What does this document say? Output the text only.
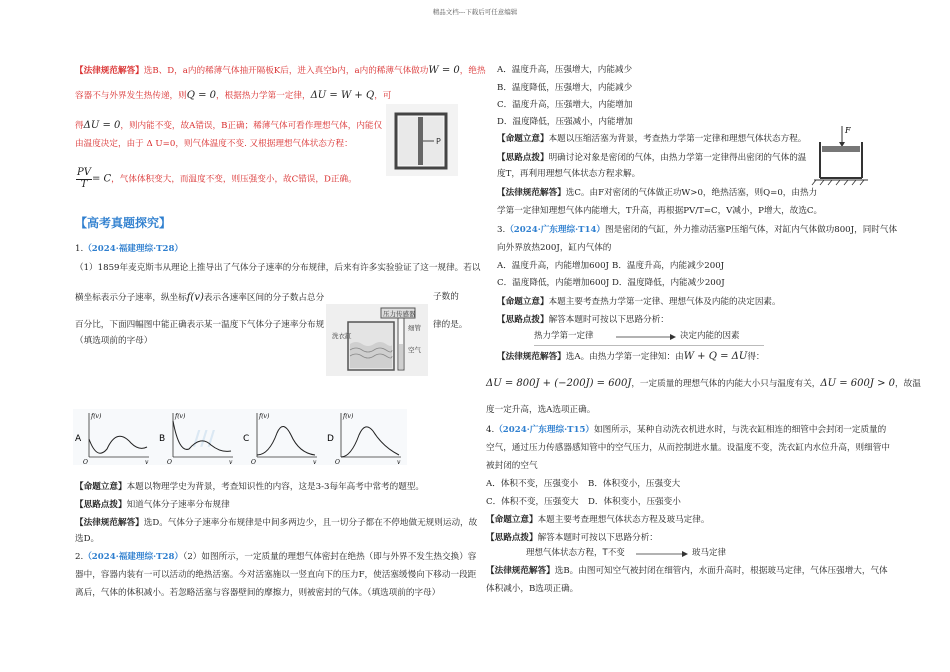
精品文档---下载后可任意编辑
【法律规范解答】选B、D，a内的稀薄气体抽开隔板K后，进入真空b内，a内的稀薄气体做功W = 0，绝热
容器不与外界发生热传递，则Q = 0，根据热力学第一定律，ΔU = W + Q，可
得ΔU = 0，则内能不变，故A错误，B正确；稀薄气体可看作理想气体，内能仅
由温度决定，由于 Δ U=0，则气体温度不变. 又根据理想气体状态方程：	P
$\frac{PV}{T} = C$，气体体积变大，而温度不变，则压强变小，故C错误，D正确。
【高考真题探究】
1.（2024·福建理综·T28）
（1）1859年麦克斯韦从理论上推导出了气体分子速率的分布规律，后来有许多实验验证了这一规律。若以
横坐标表示分子速率，纵坐标f(v)表示各速率区间的分子数占总分	子数的
百分比，下面四幅图中能正确表示某一温度下气体分子速率分布规	律的是。
（填选项前的字母）
压力传感器
洗衣缸
细管
空气
///
A
f(v)
v
O
B
f(v)
v
O
C
f(v)
v
O
D
f(v)
v
O
【命题立意】本题以物理学史为背景，考查知识性的内容，这是3-3每年高考中常考的题型。
【思路点拨】知道气体分子速率分布规律
【法律规范解答】选D。气体分子速率分布规律是中间多两边少，且一切分子都在不停地做无规则运动，故
选D。
2.（2024·福建理综·T28）（2）如图所示，一定质量的理想气体密封在绝热（即与外界不发生热交换）容
器中，容器内装有一可以活动的绝热活塞。今对活塞施以一竖直向下的压力F，使活塞缓慢向下移动一段距
离后，气体的体积减小。若忽略活塞与容器壁间的摩擦力，则被密封的气体。（填选项前的字母）
A．温度升高，压强增大，内能减少
B．温度降低，压强增大，内能减少
C．温度升高，压强增大，内能增加
D．温度降低，压强减小，内能增加
F
【命题立意】本题以压缩活塞为背景，考查热力学第一定律和理想气体状态方程。
【思路点拨】明确讨论对象是密闭的气体，由热力学第一定律得出密闭的气体的温
度T，再利用理想气体状态方程求解。
【法律规范解答】选C。由F对密闭的气体做正功W>0，绝热活塞，则Q=0，由热力
学第一定律知理想气体内能增大，T升高，再根据PV/T=C，V减小，P增大，故选C。
3.（2024·广东理综·T14）图是密闭的气缸，外力推动活塞P压缩气体，对缸内气体做功800J，同时气体
向外界放热200J，缸内气体的
A．温度升高，内能增加600J B．温度升高，内能减少200J
C．温度降低，内能增加600J D．温度降低，内能减少200J
【命题立意】本题主要考查热力学第一定律、理想气体及内能的决定因素。
【思路点拨】解答本题时可按以下思路分析：
热力学第一定律	决定内能的因素
【法律规范解答】选A。由热力学第一定律知：由W + Q = ΔU得：
ΔU = 800J + (−200J) = 600J，一定质量的理想气体的内能大小只与温度有关，ΔU = 600J > 0，故温
度一定升高，选A选项正确。
4.（2024·广东理综·T15）如图所示，某种自动洗衣机进水时，与洗衣缸相连的细管中会封闭一定质量的
空气，通过压力传感器感知管中的空气压力，从而控制进水量。设温度不变，洗衣缸内水位升高，则细管中
被封闭的空气
A．体积不变，压强变小 B．体积变小，压强变大
C．体积不变，压强变大 D．体积变小，压强变小
【命题立意】本题主要考查理想气体状态方程及玻马定律。
【思路点拨】解答本题时可按以下思路分析：
理想气体状态方程，T不变	玻马定律
【法律规范解答】选B。由图可知空气被封闭在细管内，水面升高时，根据玻马定律，气体压强增大，气体
体积减小，B选项正确。
